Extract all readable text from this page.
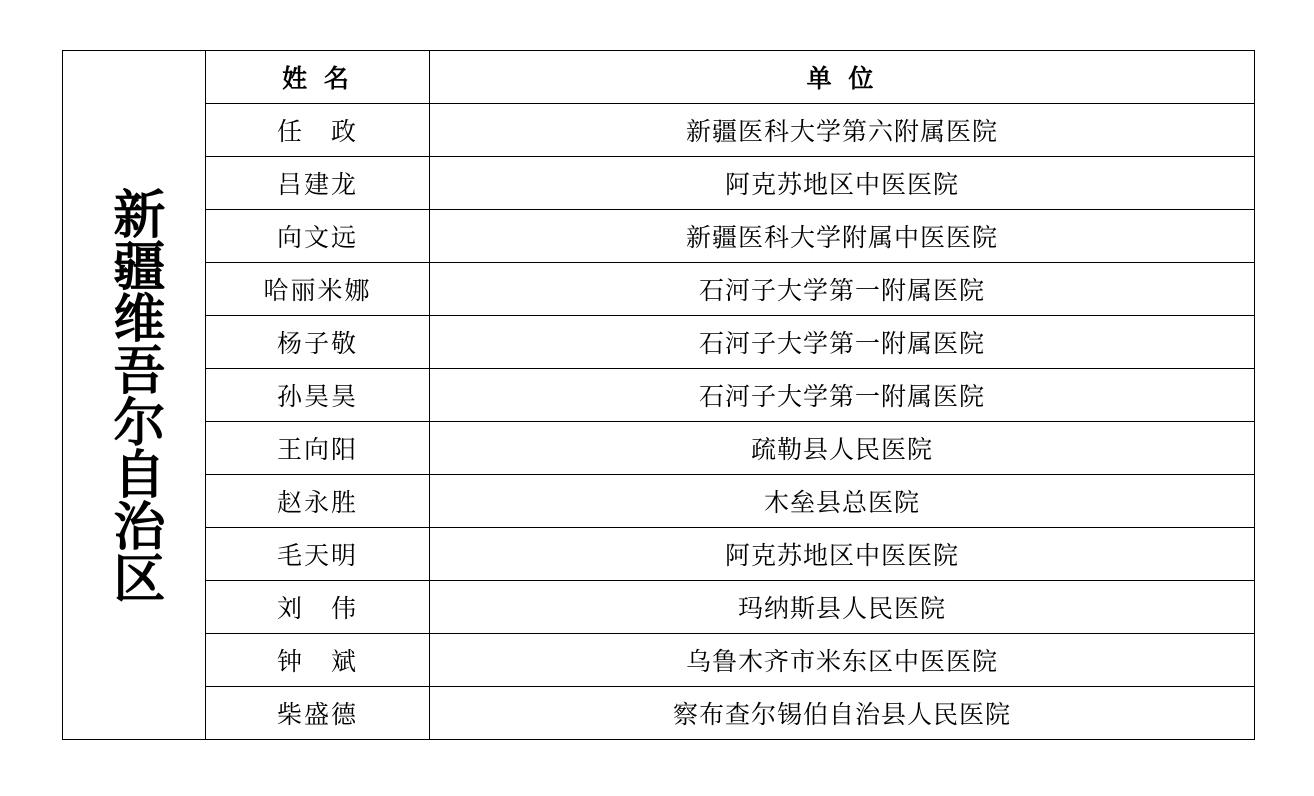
新疆维吾尔自治区	姓 名	单 位
	任　政	新疆医科大学第六附属医院
	吕建龙	阿克苏地区中医医院
	向文远	新疆医科大学附属中医医院
	哈丽米娜	石河子大学第一附属医院
	杨子敬	石河子大学第一附属医院
	孙昊昊	石河子大学第一附属医院
	王向阳	疏勒县人民医院
	赵永胜	木垒县总医院
	毛天明	阿克苏地区中医医院
	刘　伟	玛纳斯县人民医院
	钟　斌	乌鲁木齐市米东区中医医院
	柴盛德	察布查尔锡伯自治县人民医院
